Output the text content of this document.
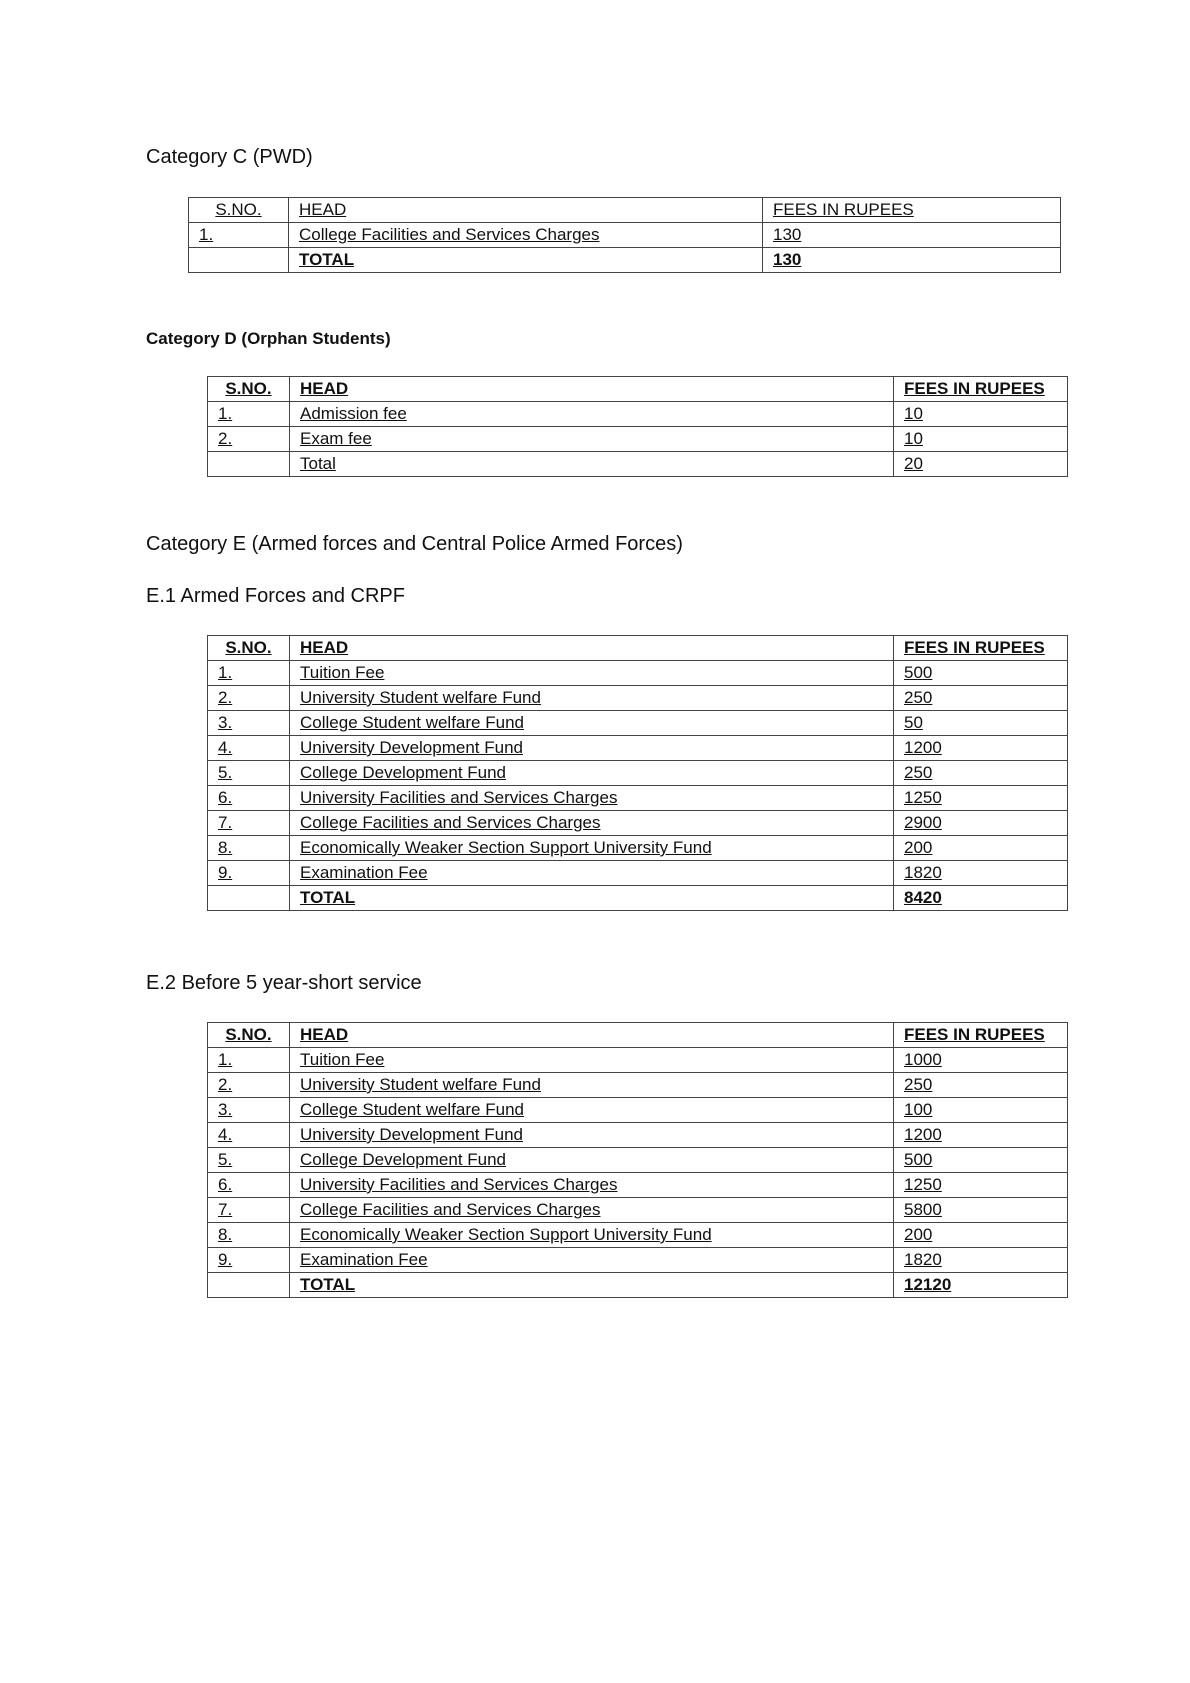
Category C (PWD)
S.NO.	HEAD	FEES IN RUPEES
1.	College Facilities and Services Charges	130
	TOTAL	130
Category D (Orphan Students)
S.NO.	HEAD	FEES IN RUPEES
1.	Admission fee	10
2.	Exam fee	10
	Total	20
Category E (Armed forces and Central Police Armed Forces)
E.1 Armed Forces and CRPF
S.NO.	HEAD	FEES IN RUPEES
1.	Tuition Fee	500
2.	University Student welfare Fund	250
3.	College Student welfare Fund	50
4.	University Development Fund	1200
5.	College Development Fund	250
6.	University Facilities and Services Charges	1250
7.	College Facilities and Services Charges	2900
8.	Economically Weaker Section Support University Fund	200
9.	Examination Fee	1820
	TOTAL	8420
E.2 Before 5 year-short service
S.NO.	HEAD	FEES IN RUPEES
1.	Tuition Fee	1000
2.	University Student welfare Fund	250
3.	College Student welfare Fund	100
4.	University Development Fund	1200
5.	College Development Fund	500
6.	University Facilities and Services Charges	1250
7.	College Facilities and Services Charges	5800
8.	Economically Weaker Section Support University Fund	200
9.	Examination Fee	1820
	TOTAL	12120
